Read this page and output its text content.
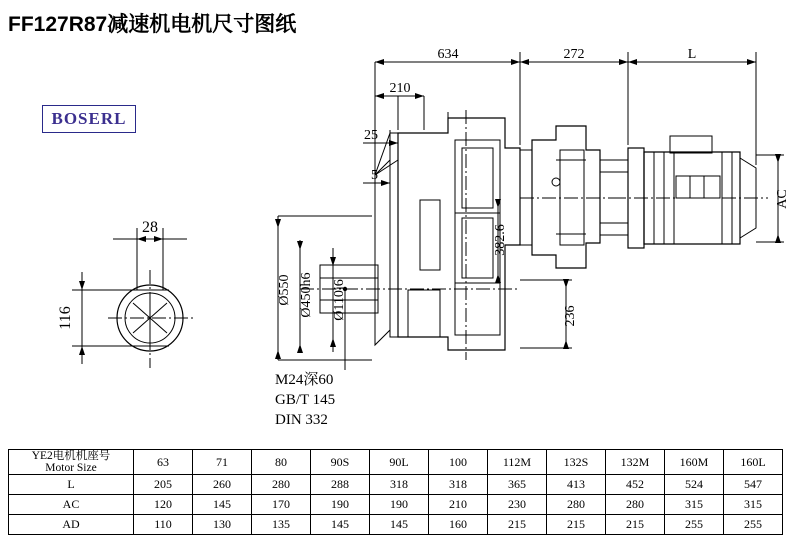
FF127R87减速机电机尺寸图纸
BOSERL
634	272	L
210
25
5
Ø550 Ø450h6 Ø110j6
382.6
236
AC
28
116
M24深60
GB/T 145
DIN 332
YE2电机机座号
Motor Size	63	71	80	90S	90L	100	112M	132S	132M	160M	160L
L	205	260	280	288	318	318	365	413	452	524	547
AC	120	145	170	190	190	210	230	280	280	315	315
AD	110	130	135	145	145	160	215	215	215	255	255
